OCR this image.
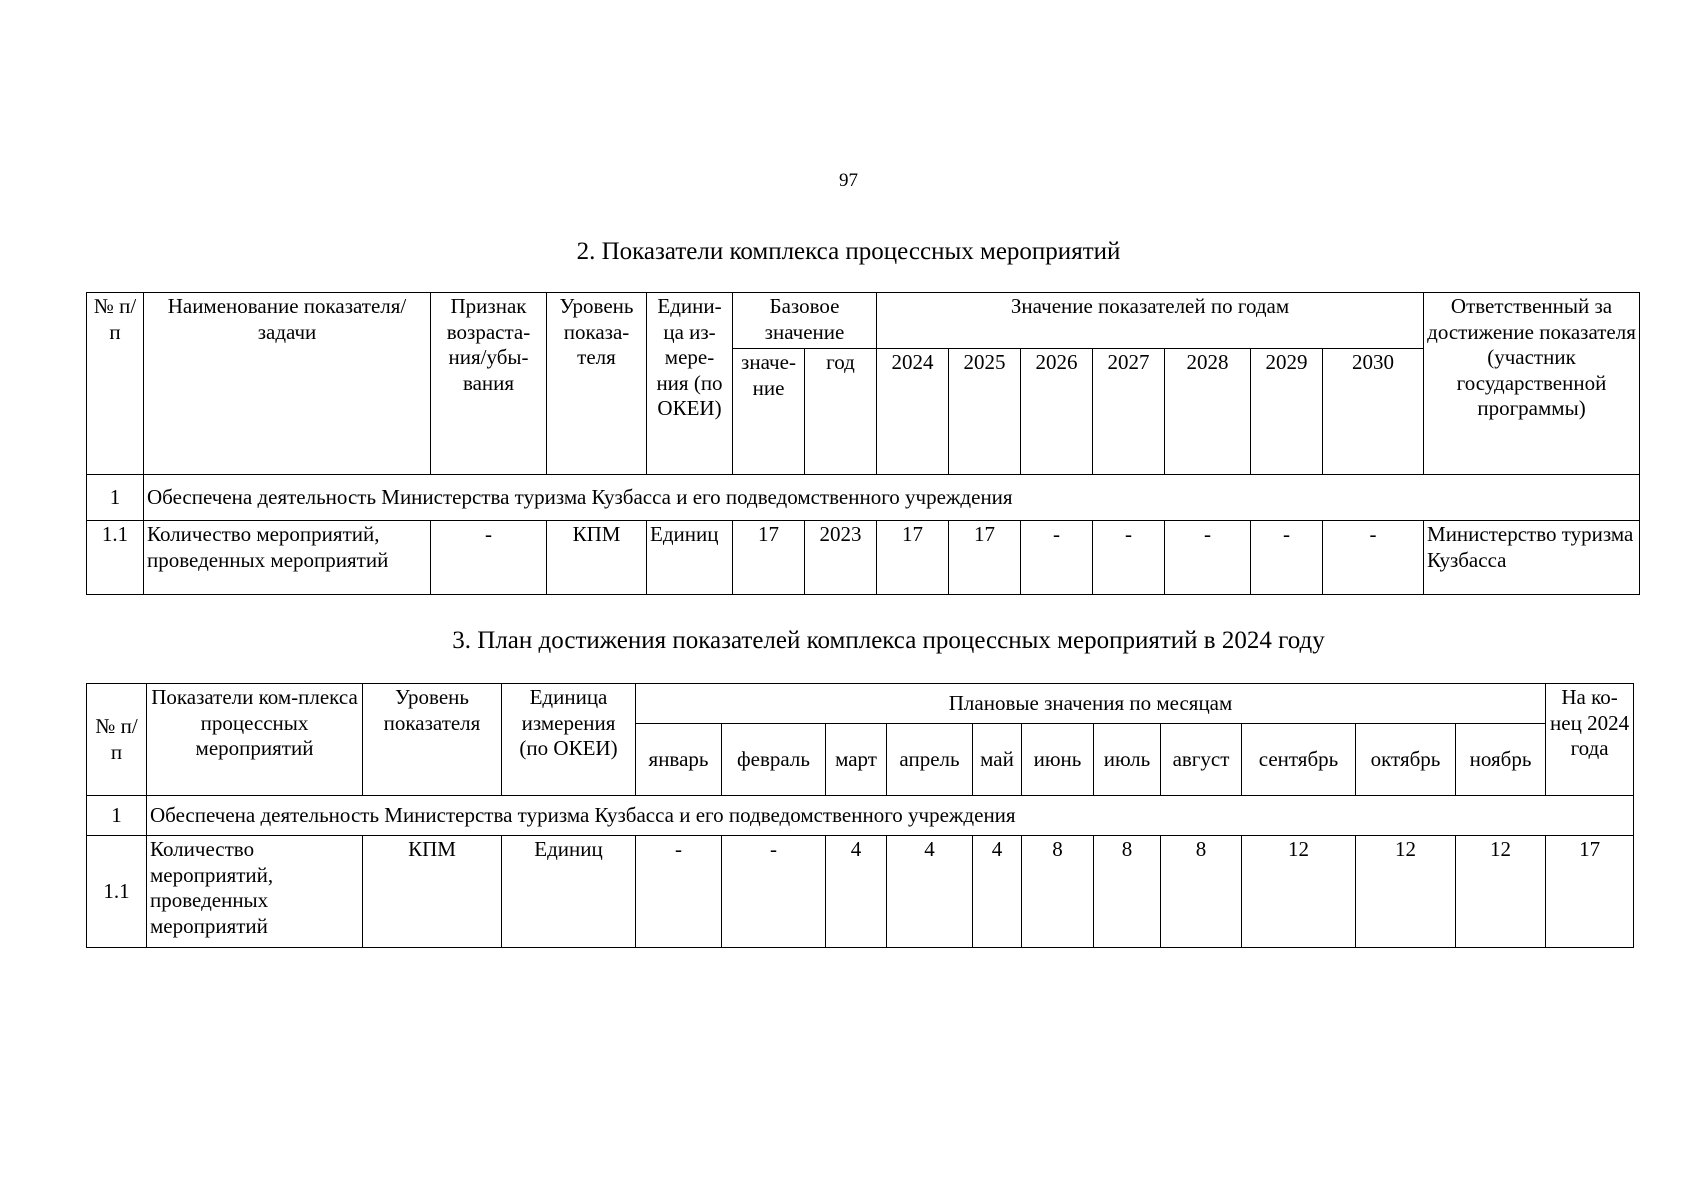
97
2. Показатели комплекса процессных мероприятий
№ п/п	Наименование показателя/задачи	Признак возраста-ния/убы-вания	Уровень показа-теля	Едини-ца из-мере-ния (по ОКЕИ)	Базовое значение		Значение показателей по годам							Ответственный за достижение показателя (участник государственной программы)
					значе-ние	год	2024	2025	2026	2027	2028	2029	2030	
1	Обеспечена деятельность Министерства туризма Кузбасса и его подведомственного учреждения													
1.1	Количество мероприятий, проведенных мероприятий	-	КПМ	Единиц	17	2023	17	17	-	-	-	-	-	Министерство туризма Кузбасса
3. План достижения показателей комплекса процессных мероприятий в 2024 году
№ п/п	Показатели ком-плекса процессных мероприятий	Уровень показателя	Единица измерения (по ОКЕИ)	Плановые значения по месяцам											На ко-нец 2024 года
				январь	февраль	март	апрель	май	июнь	июль	август	сентябрь	октябрь	ноябрь	
1	Обеспечена деятельность Министерства туризма Кузбасса и его подведомственного учреждения														
1.1	Количество мероприятий, проведенных мероприятий	КПМ	Единиц	-	-	4	4	4	8	8	8	12	12	12	17
